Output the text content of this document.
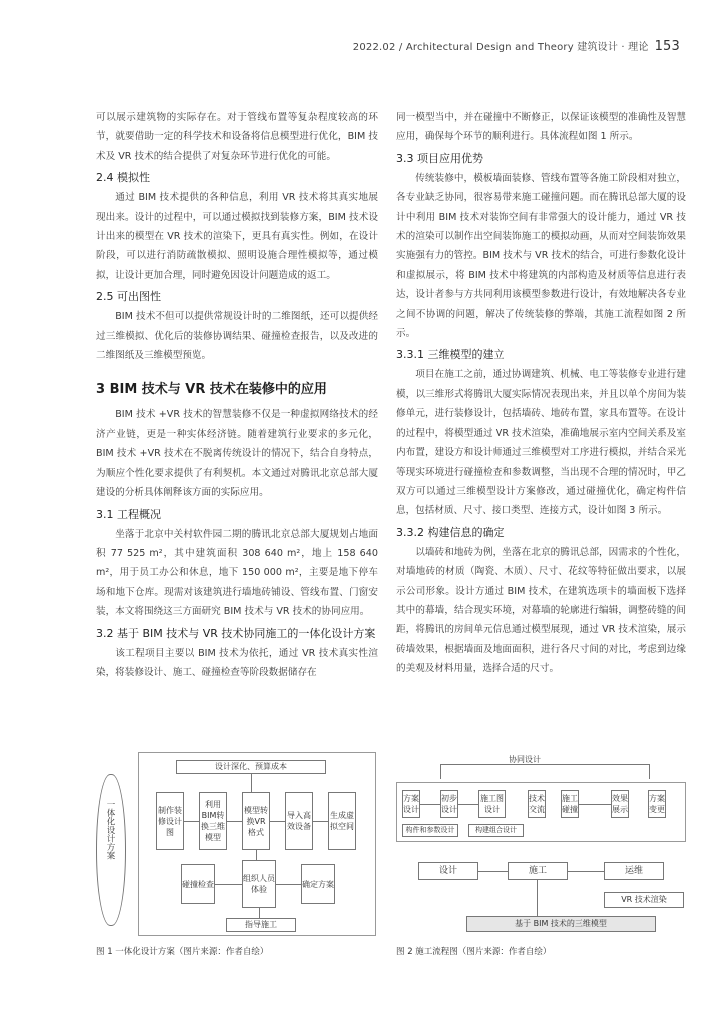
2022.02 / Architectural Design and Theory 建筑设计 · 理论 153

可以展示建筑物的实际存在。对于管线布置等复杂程度较高的环节，就要借助一定的科学技术和设备将信息模型进行优化，BIM 技术及 VR 技术的结合提供了对复杂环节进行优化的可能。

2.4 模拟性

通过 BIM 技术提供的各种信息，利用 VR 技术将其真实地展现出来。设计的过程中，可以通过模拟找到装修方案，BIM 技术设计出来的模型在 VR 技术的渲染下，更具有真实性。例如，在设计阶段，可以进行消防疏散模拟、照明设施合理性模拟等，通过模拟，让设计更加合理，同时避免因设计问题造成的返工。

2.5 可出图性

BIM 技术不但可以提供常规设计时的二维图纸，还可以提供经过三维模拟、优化后的装修协调结果、碰撞检查报告，以及改进的二维图纸及三维模型预览。

3 BIM 技术与 VR 技术在装修中的应用

BIM 技术 +VR 技术的智慧装修不仅是一种虚拟网络技术的经济产业链，更是一种实体经济链。随着建筑行业要求的多元化，BIM 技术 +VR 技术在不脱离传统设计的情况下，结合自身特点，为顺应个性化要求提供了有利契机。本文通过对腾讯北京总部大厦建设的分析具体阐释该方面的实际应用。

3.1 工程概况

坐落于北京中关村软件园二期的腾讯北京总部大厦规划占地面积 77 525 m²，其中建筑面积 308 640 m²，地上 158 640 m²，用于员工办公和休息，地下 150 000 m²，主要是地下停车场和地下仓库。现需对该建筑进行墙地砖铺设、管线布置、门窗安装，本文将围绕这三方面研究 BIM 技术与 VR 技术的协同应用。

3.2 基于 BIM 技术与 VR 技术协同施工的一体化设计方案

该工程项目主要以 BIM 技术为依托，通过 VR 技术真实性渲染，将装修设计、施工、碰撞检查等阶段数据储存在

同一模型当中，并在碰撞中不断修正，以保证该模型的准确性及智慧应用，确保每个环节的顺利进行。具体流程如图 1 所示。

3.3 项目应用优势

传统装修中，模板墙面装修、管线布置等各施工阶段相对独立，各专业缺乏协同，很容易带来施工碰撞问题。而在腾讯总部大厦的设计中利用 BIM 技术对装饰空间有非常强大的设计能力，通过 VR 技术的渲染可以制作出空间装饰施工的模拟动画，从而对空间装饰效果实施强有力的管控。BIM 技术与 VR 技术的结合，可进行参数化设计和虚拟展示，将 BIM 技术中将建筑的内部构造及材质等信息进行表达，设计者参与方共同利用该模型参数进行设计，有效地解决各专业之间不协调的问题，解决了传统装修的弊端，其施工流程如图 2 所示。

3.3.1 三维模型的建立

项目在施工之前，通过协调建筑、机械、电工等装修专业进行建模，以三维形式将腾讯大厦实际情况表现出来，并且以单个房间为装修单元，进行装修设计，包括墙砖、地砖布置，家具布置等。在设计的过程中，将模型通过 VR 技术渲染，准确地展示室内空间关系及室内布置，建设方和设计师通过三维模型对工序进行模拟，并结合采光等现实环境进行碰撞检查和参数调整，当出现不合理的情况时，甲乙双方可以通过三维模型设计方案修改，通过碰撞优化，确定构件信息，包括材质、尺寸、接口类型、连接方式，设计如图 3 所示。

3.3.2 构建信息的确定

以墙砖和地砖为例，坐落在北京的腾讯总部，因需求的个性化，对墙地砖的材质（陶瓷、木质）、尺寸、花纹等特征做出要求，以展示公司形象。设计方通过 BIM 技术，在建筑选项卡的墙面板下选择其中的幕墙，结合现实环境，对幕墙的轮廓进行编辑，调整砖缝的间距，将腾讯的房间单元信息通过模型展现，通过 VR 技术渲染，展示砖墙效果，根据墙面及地面面积，进行各尺寸间的对比，考虑到边缘的美观及材料用量，选择合适的尺寸。

一体化设计方案
设计深化、预算成本
制作装修设计图
利用BIM转换三维模型
模型转换VR格式
导入高效设备
生成虚拟空间
碰撞检查
组织人员体验
确定方案
指导施工
图 1 一体化设计方案（图片来源：作者自绘）
协同设计
方案设计
初步设计
施工图设计
技术交流
施工碰撞
效果展示
方案变更
构件和参数设计	构建组合设计
设计	施工	运维
VR 技术渲染
基于 BIM 技术的三维模型
图 2 施工流程图（图片来源：作者自绘）
